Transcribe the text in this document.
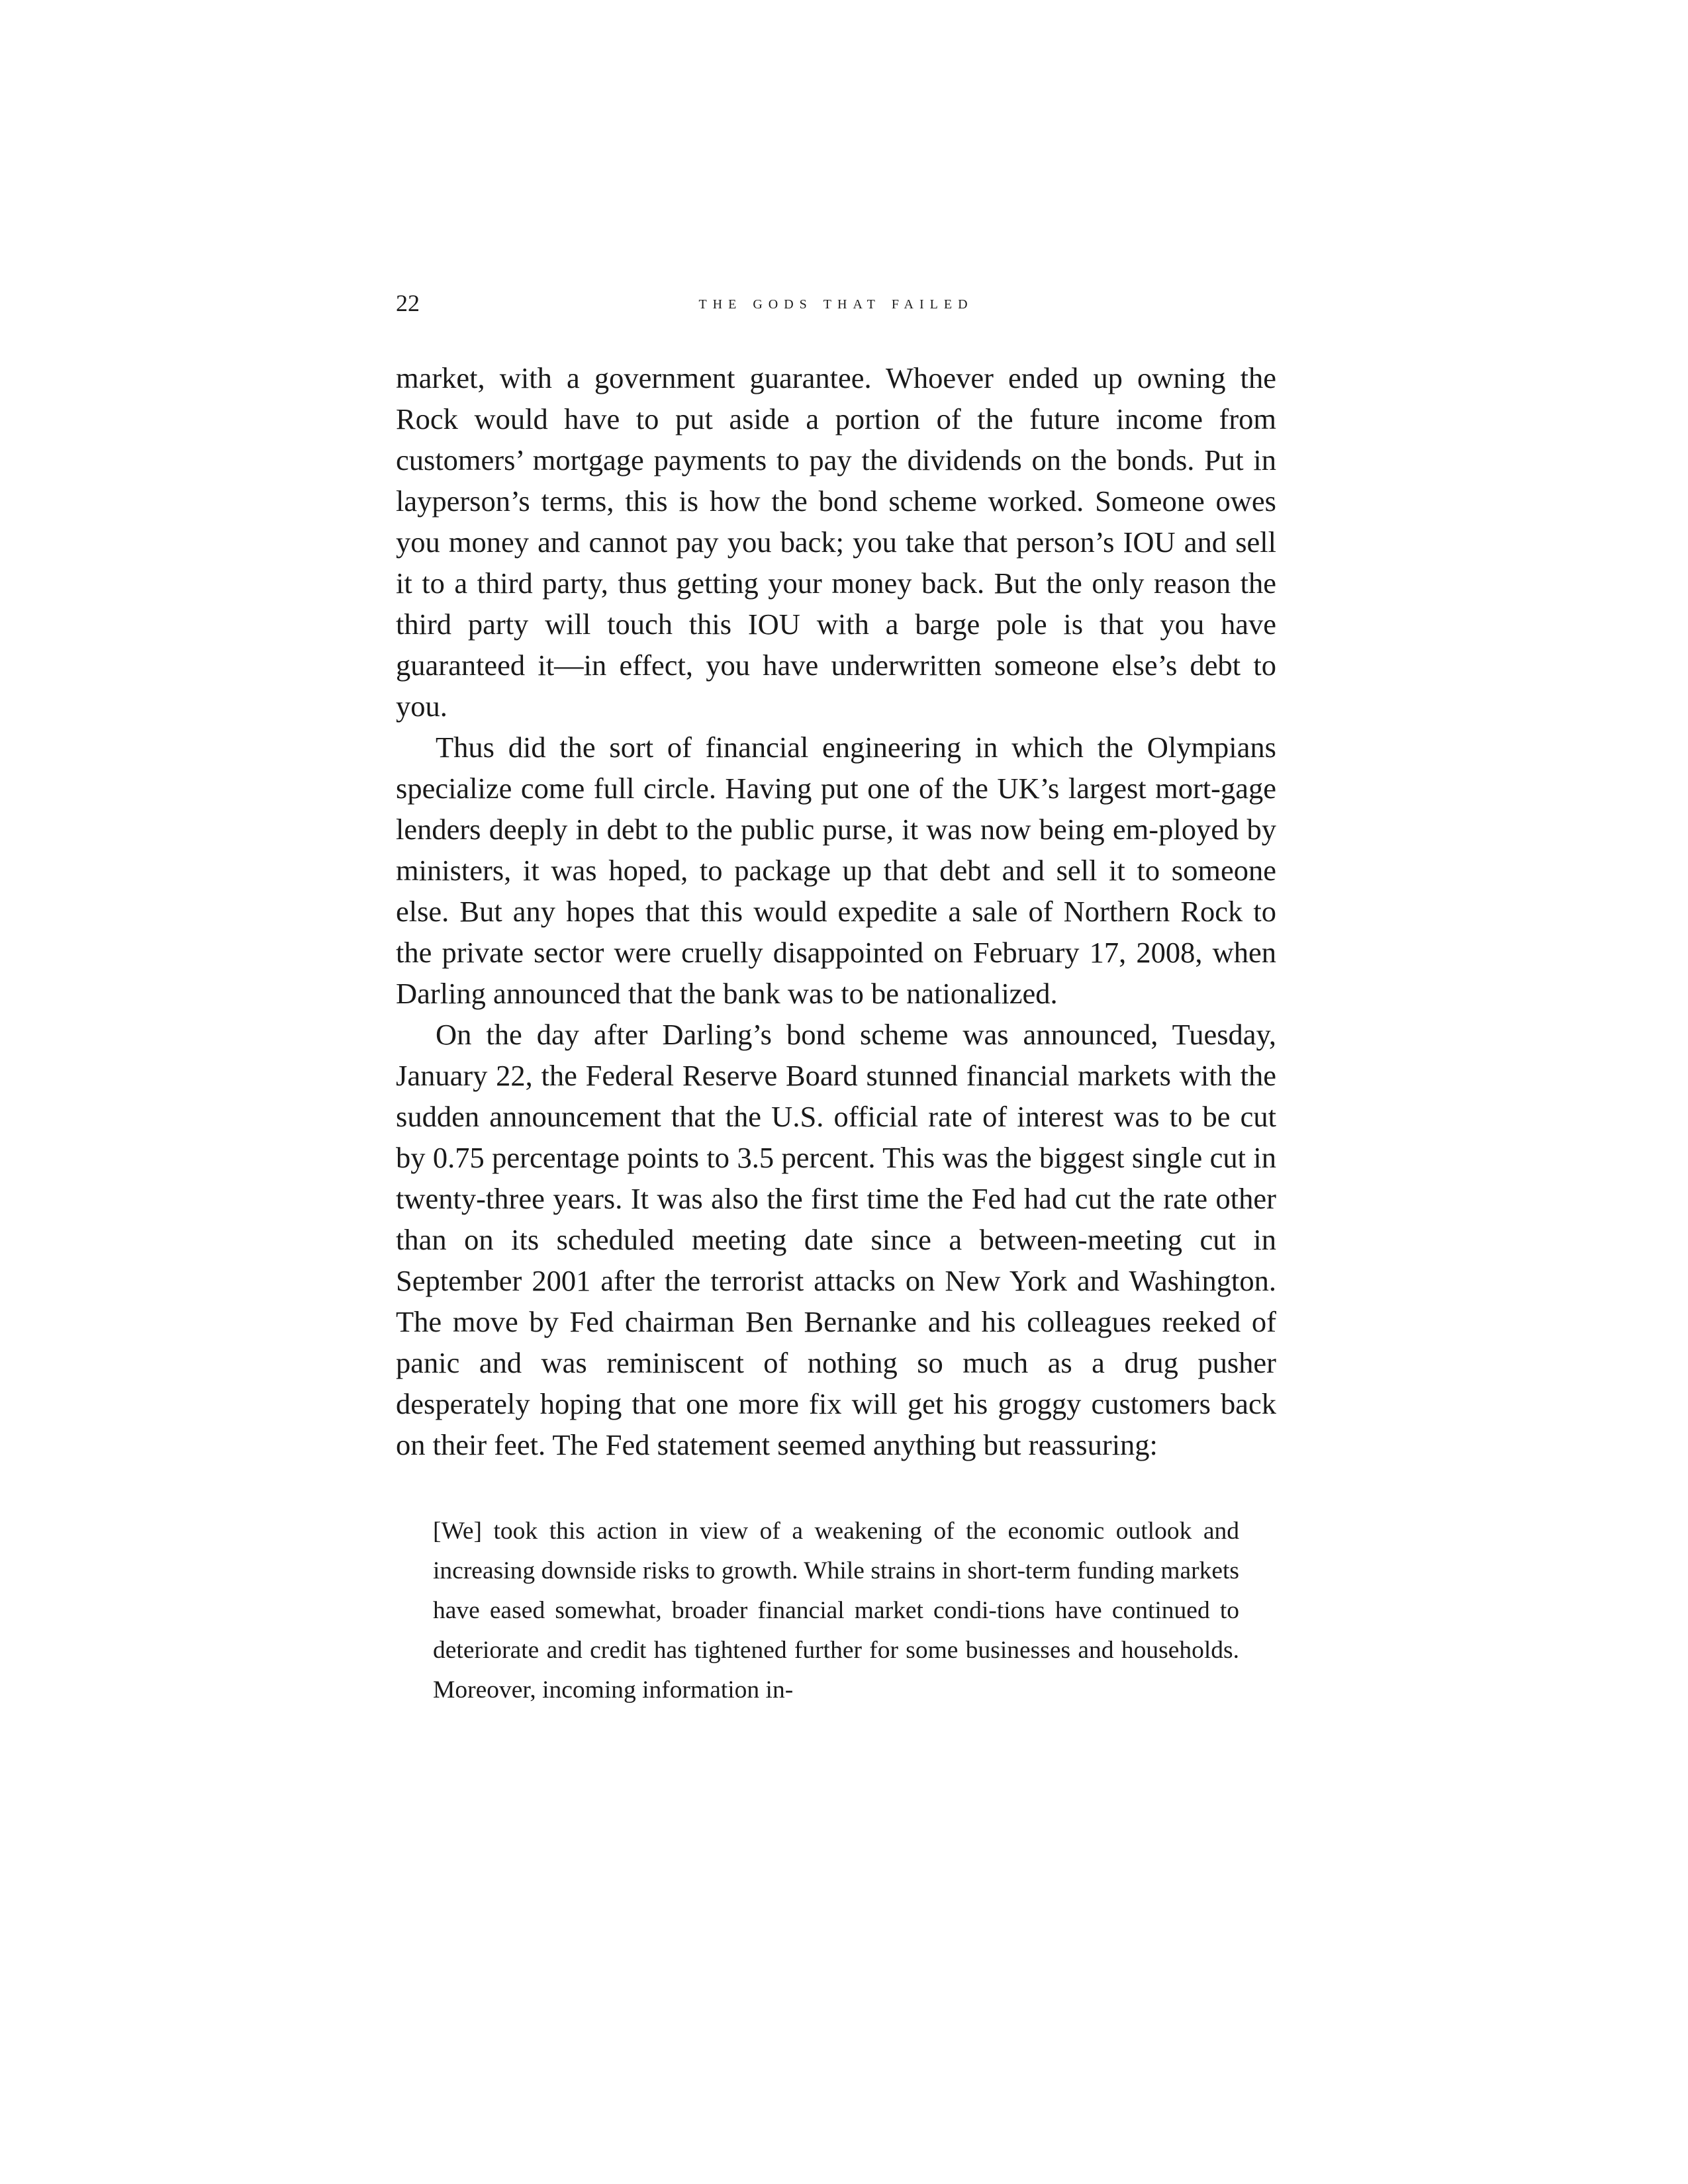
22	the gods that failed

market, with a government guarantee. Whoever ended up owning the Rock would have to put aside a portion of the future income from customers’ mortgage payments to pay the dividends on the bonds. Put in layperson’s terms, this is how the bond scheme worked. Someone owes you money and cannot pay you back; you take that person’s IOU and sell it to a third party, thus getting your money back. But the only reason the third party will touch this IOU with a barge pole is that you have guaranteed it—in effect, you have underwritten someone else’s debt to you.

Thus did the sort of financial engineering in which the Olympians specialize come full circle. Having put one of the UK’s largest mort-gage lenders deeply in debt to the public purse, it was now being em-ployed by ministers, it was hoped, to package up that debt and sell it to someone else. But any hopes that this would expedite a sale of Northern Rock to the private sector were cruelly disappointed on February 17, 2008, when Darling announced that the bank was to be nationalized.

On the day after Darling’s bond scheme was announced, Tuesday, January 22, the Federal Reserve Board stunned financial markets with the sudden announcement that the U.S. official rate of interest was to be cut by 0.75 percentage points to 3.5 percent. This was the biggest single cut in twenty-three years. It was also the first time the Fed had cut the rate other than on its scheduled meeting date since a between-meeting cut in September 2001 after the terrorist attacks on New York and Washington. The move by Fed chairman Ben Bernanke and his colleagues reeked of panic and was reminiscent of nothing so much as a drug pusher desperately hoping that one more fix will get his groggy customers back on their feet. The Fed statement seemed anything but reassuring:

[We] took this action in view of a weakening of the economic outlook and increasing downside risks to growth. While strains in short-term funding markets have eased somewhat, broader financial market condi-tions have continued to deteriorate and credit has tightened further for some businesses and households. Moreover, incoming information in-
